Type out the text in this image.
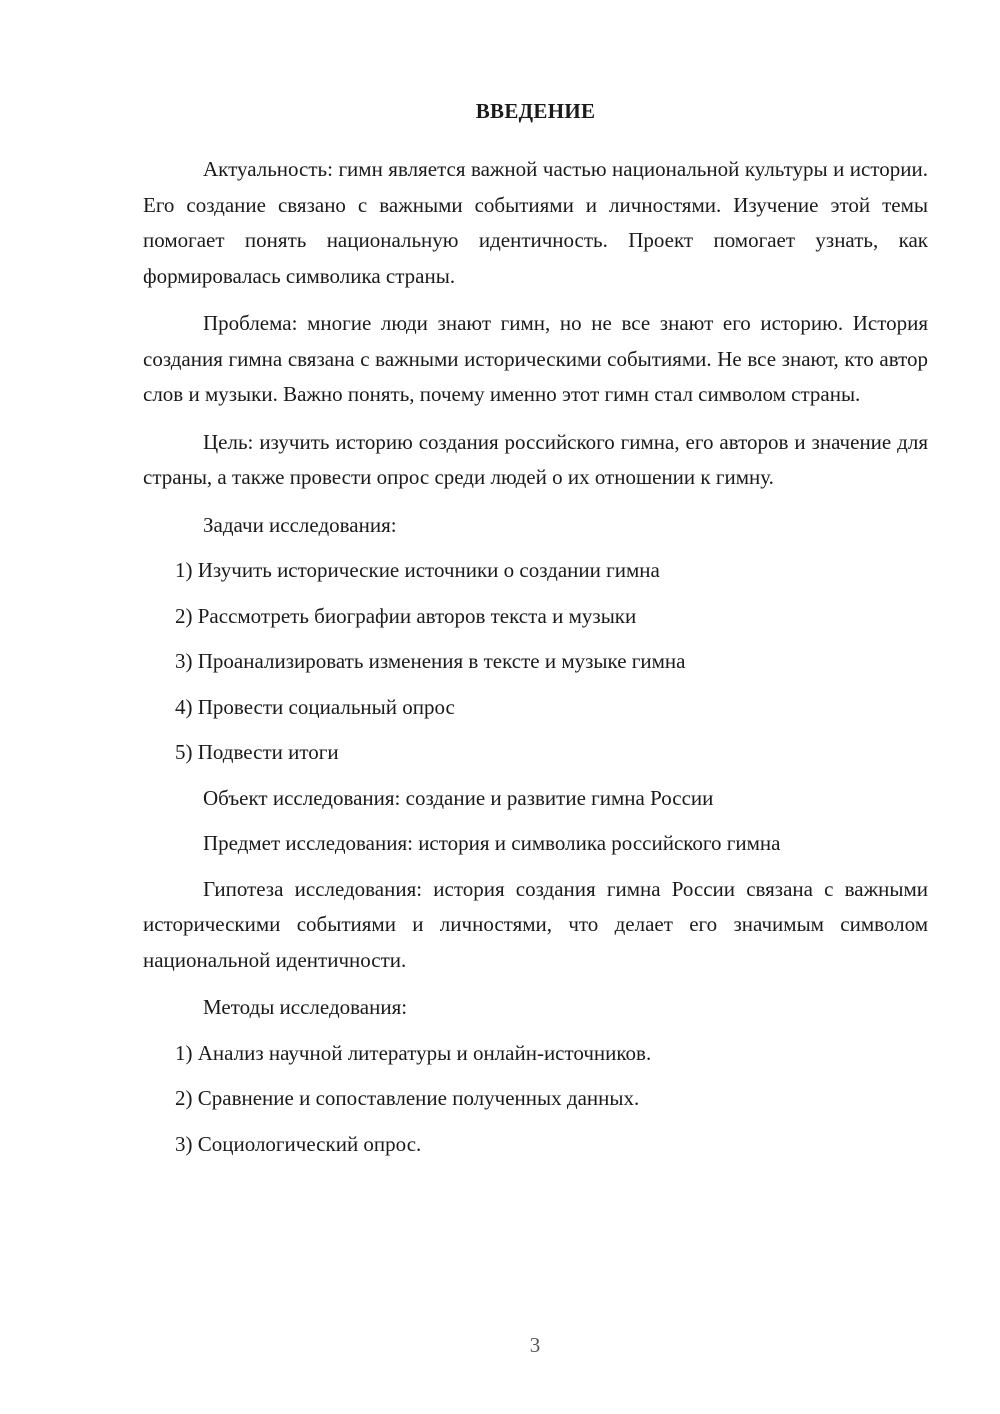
ВВЕДЕНИЕ

Актуальность: гимн является важной частью национальной культуры и истории. Его создание связано с важными событиями и личностями. Изучение этой темы помогает понять национальную идентичность. Проект помогает узнать, как формировалась символика страны.

Проблема: многие люди знают гимн, но не все знают его историю. История создания гимна связана с важными историческими событиями. Не все знают, кто автор слов и музыки. Важно понять, почему именно этот гимн стал символом страны.

Цель: изучить историю создания российского гимна, его авторов и значение для страны, а также провести опрос среди людей о их отношении к гимну.

Задачи исследования:

1) Изучить исторические источники о создании гимна

2) Рассмотреть биографии авторов текста и музыки

3) Проанализировать изменения в тексте и музыке гимна

4) Провести социальный опрос

5) Подвести итоги

Объект исследования: создание и развитие гимна России

Предмет исследования: история и символика российского гимна

Гипотеза исследования: история создания гимна России связана с важными историческими событиями и личностями, что делает его значимым символом национальной идентичности.

Методы исследования:

1) Анализ научной литературы и онлайн-источников.

2) Сравнение и сопоставление полученных данных.

3) Социологический опрос.

3
